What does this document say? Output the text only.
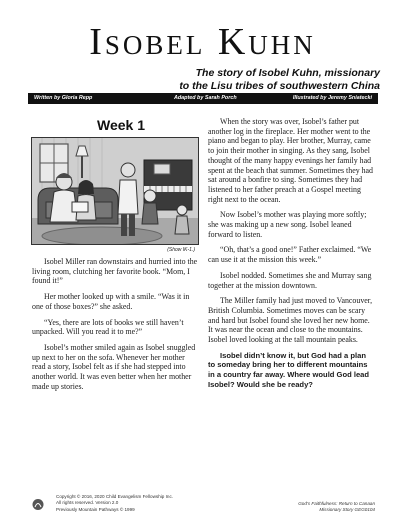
Isobel Kuhn
The story of Isobel Kuhn, missionary
to the Lisu tribes of southwestern China
Written by Gloria Repp	Adapted by Sarah Porch	Illustrated by Jeremy Sniatecki
Week 1
(Show IK-1.)

Isobel Miller ran downstairs and hurried into the living room, clutching her favorite book. “Mom, I found it!”

Her mother looked up with a smile. “Was it in one of those boxes?” she asked.

“Yes, there are lots of books we still haven’t unpacked. Will you read it to me?”

Isobel’s mother smiled again as Isobel snuggled up next to her on the sofa. Whenever her mother read a story, Isobel felt as if she had stepped into another world. It was even better when her mother made up stories.

When the story was over, Isobel’s father put another log in the fireplace. Her mother went to the piano and began to play. Her brother, Murray, came to join their mother in singing. As they sang, Isobel thought of the many happy evenings her family had spent at the beach that summer. Sometimes they had sat around a bonfire to sing. Sometimes they had listened to her father preach at a Gospel meeting right next to the ocean.

Now Isobel’s mother was playing more softly; she was making up a new song. Isobel leaned forward to listen.

“Oh, that’s a good one!” Father exclaimed. “We can use it at the mission this week.”

Isobel nodded. Sometimes she and Murray sang together at the mission downtown.

The Miller family had just moved to Vancouver, British Columbia. Sometimes moves can be scary and hard but Isobel found she loved her new home. It was near the ocean and close to the mountains. Isobel loved looking at the tall mountain peaks.

Isobel didn’t know it, but God had a plan to someday bring her to different mountains in a country far away. Where would God lead Isobel? Would she be ready?

Copyright © 2016, 2020 Child Evangelism Fellowship Inc.
All rights reserved. Version 2.0
Previously Mountain Pathways © 1999
God’s Faithfulness: Return to Canaan
Missionary Story GEG0104
